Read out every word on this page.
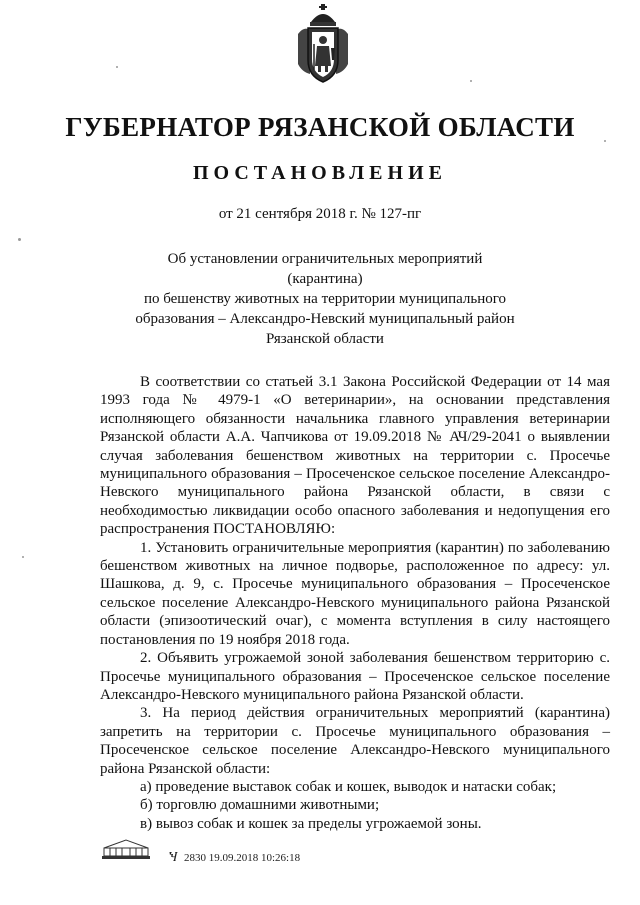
ГУБЕРНАТОР РЯЗАНСКОЙ ОБЛАСТИ
ПОСТАНОВЛЕНИЕ
от 21 сентября 2018 г. № 127-пг
Об установлении ограничительных мероприятий (карантина)
по бешенству животных на территории муниципального
образования – Александро-Невский муниципальный район
Рязанской области

В соответствии со статьей 3.1 Закона Российской Федерации от 14 мая 1993 года № 4979-1 «О ветеринарии», на основании представления исполняющего обязанности начальника главного управления ветеринарии Рязанской области А.А. Чапчикова от 19.09.2018 № АЧ/29-2041 о выявлении случая заболевания бешенством животных на территории с. Просечье муниципального образования – Просеченское сельское поселение Александро-Невского муниципального района Рязанской области, в связи с необходимостью ликвидации особо опасного заболевания и недопущения его распространения ПОСТАНОВЛЯЮ:

1. Установить ограничительные мероприятия (карантин) по заболеванию бешенством животных на личное подворье, расположенное по адресу: ул. Шашкова, д. 9, с. Просечье муниципального образования – Просеченское сельское поселение Александро-Невского муниципального района Рязанской области (эпизоотический очаг), с момента вступления в силу настоящего постановления по 19 ноября 2018 года.

2. Объявить угрожаемой зоной заболевания бешенством территорию с. Просечье муниципального образования – Просеченское сельское поселение Александро-Невского муниципального района Рязанской области.

3. На период действия ограничительных мероприятий (карантина) запретить на территории с. Просечье муниципального образования – Просеченское сельское поселение Александро-Невского муниципального района Рязанской области:

а) проведение выставок собак и кошек, выводок и натаски собак;

б) торговлю домашними животными;

в) вывоз собак и кошек за пределы угрожаемой зоны.

Ⴏ 2830 19.09.2018 10:26:18
